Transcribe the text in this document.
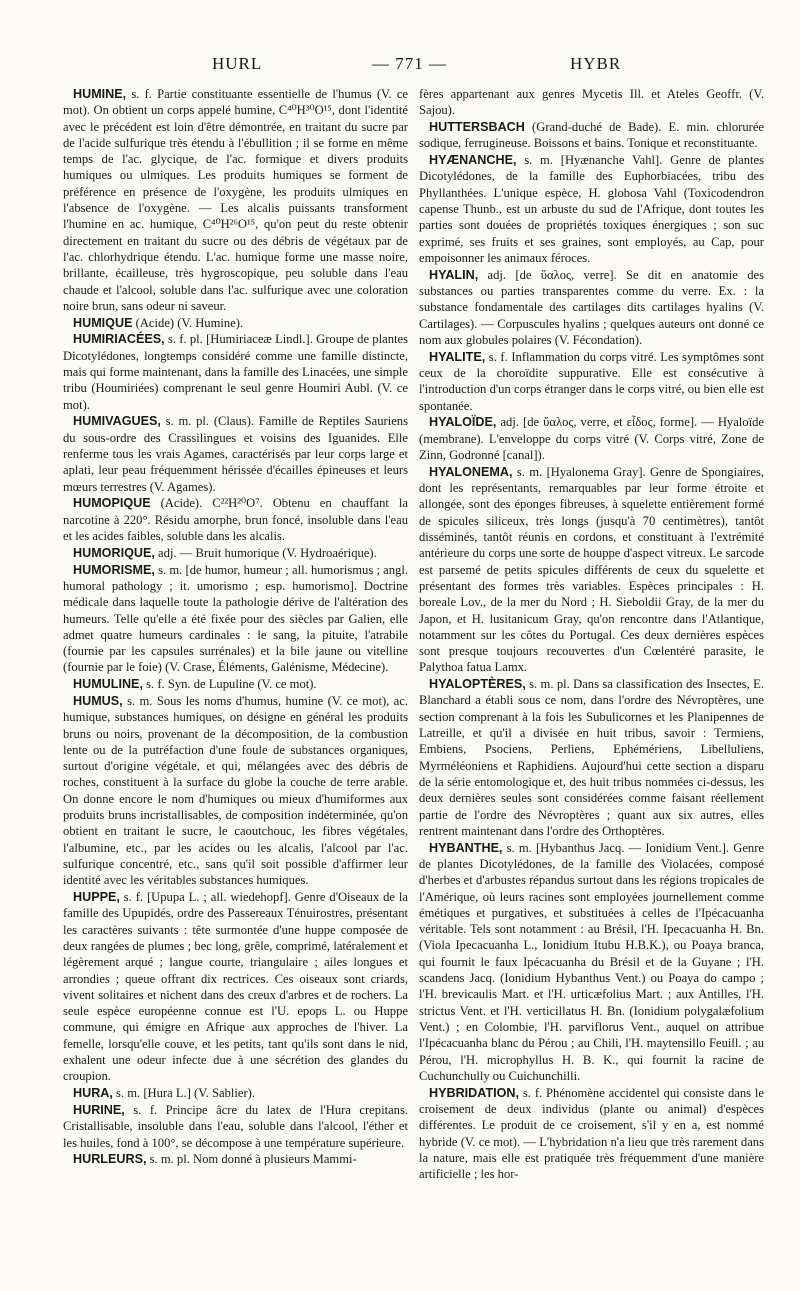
HURL	— 771 —	HYBR

HUMINE, s. f. Partie constituante essentielle de l'humus (V. ce mot). On obtient un corps appelé humine, C⁴⁰H³⁰O¹⁵, dont l'identité avec le précédent est loin d'être démontrée, en traitant du sucre par de l'acide sulfurique très étendu à l'ébullition ; il se forme en même temps de l'ac. glycique, de l'ac. formique et divers produits humiques ou ulmiques. Les produits humiques se forment de préférence en présence de l'oxygène, les produits ulmiques en l'absence de l'oxygène. — Les alcalis puissants transforment l'humine en ac. humique, C⁴⁰H²⁶O¹⁵, qu'on peut du reste obtenir directement en traitant du sucre ou des débris de végétaux par de l'ac. chlorhydrique étendu. L'ac. humique forme une masse noire, brillante, écailleuse, très hygroscopique, peu soluble dans l'eau chaude et l'alcool, soluble dans l'ac. sulfurique avec une coloration noire brun, sans odeur ni saveur.

HUMIQUE (Acide) (V. Humine).

HUMIRIACÉES, s. f. pl. [Humiriaceæ Lindl.]. Groupe de plantes Dicotylédones, longtemps considéré comme une famille distincte, mais qui forme maintenant, dans la famille des Linacées, une simple tribu (Houmiriées) comprenant le seul genre Houmiri Aubl. (V. ce mot).

HUMIVAGUES, s. m. pl. (Claus). Famille de Reptiles Sauriens du sous-ordre des Crassilingues et voisins des Iguanides. Elle renferme tous les vrais Agames, caractérisés par leur corps large et aplati, leur peau fréquemment hérissée d'écailles épineuses et leurs mœurs terrestres (V. Agames).

HUMOPIQUE (Acide). C²²H²⁰O⁷. Obtenu en chauffant la narcotine à 220°. Résidu amorphe, brun foncé, insoluble dans l'eau et les acides faibles, soluble dans les alcalis.

HUMORIQUE, adj. — Bruit humorique (V. Hydroaérique).

HUMORISME, s. m. [de humor, humeur ; all. humorismus ; angl. humoral pathology ; it. umorismo ; esp. humorismo]. Doctrine médicale dans laquelle toute la pathologie dérive de l'altération des humeurs. Telle qu'elle a été fixée pour des siècles par Galien, elle admet quatre humeurs cardinales : le sang, la pituite, l'atrabile (fournie par les capsules surrénales) et la bile jaune ou vitelline (fournie par le foie) (V. Crase, Éléments, Galénisme, Médecine).

HUMULINE, s. f. Syn. de Lupuline (V. ce mot).

HUMUS, s. m. Sous les noms d'humus, humine (V. ce mot), ac. humique, substances humiques, on désigne en général les produits bruns ou noirs, provenant de la décomposition, de la combustion lente ou de la putréfaction d'une foule de substances organiques, surtout d'origine végétale, et qui, mélangées avec des débris de roches, constituent à la surface du globe la couche de terre arable. On donne encore le nom d'humiques ou mieux d'humiformes aux produits bruns incristallisables, de composition indéterminée, qu'on obtient en traitant le sucre, le caoutchouc, les fibres végétales, l'albumine, etc., par les acides ou les alcalis, l'alcool par l'ac. sulfurique concentré, etc., sans qu'il soit possible d'affirmer leur identité avec les véritables substances humiques.

HUPPE, s. f. [Upupa L. ; all. wiedehopf]. Genre d'Oiseaux de la famille des Upupidés, ordre des Passereaux Ténuirostres, présentant les caractères suivants : tête surmontée d'une huppe composée de deux rangées de plumes ; bec long, grêle, comprimé, latéralement et légèrement arqué ; langue courte, triangulaire ; ailes longues et arrondies ; queue offrant dix rectrices. Ces oiseaux sont criards, vivent solitaires et nichent dans des creux d'arbres et de rochers. La seule espèce européenne connue est l'U. epops L. ou Huppe commune, qui émigre en Afrique aux approches de l'hiver. La femelle, lorsqu'elle couve, et les petits, tant qu'ils sont dans le nid, exhalent une odeur infecte due à une sécrétion des glandes du croupion.

HURA, s. m. [Hura L.] (V. Sablier).

HURINE, s. f. Principe âcre du latex de l'Hura crepitans. Cristallisable, insoluble dans l'eau, soluble dans l'alcool, l'éther et les huiles, fond à 100°, se décompose à une température supérieure.

HURLEURS, s. m. pl. Nom donné à plusieurs Mammi-

fères appartenant aux genres Mycetis Ill. et Ateles Geoffr. (V. Sajou).

HUTTERSBACH (Grand-duché de Bade). E. min. chlorurée sodique, ferrugineuse. Boissons et bains. Tonique et reconstituante.

HYÆNANCHE, s. m. [Hyænanche Vahl]. Genre de plantes Dicotylédones, de la famille des Euphorbiacées, tribu des Phyllanthées. L'unique espèce, H. globosa Vahl (Toxicodendron capense Thunb., est un arbuste du sud de l'Afrique, dont toutes les parties sont douées de propriétés toxiques énergiques ; son suc exprimé, ses fruits et ses graines, sont employés, au Cap, pour empoisonner les animaux féroces.

HYALIN, adj. [de ὕαλος, verre]. Se dit en anatomie des substances ou parties transparentes comme du verre. Ex. : la substance fondamentale des cartilages dits cartilages hyalins (V. Cartilages). — Corpuscules hyalins ; quelques auteurs ont donné ce nom aux globules polaires (V. Fécondation).

HYALITE, s. f. Inflammation du corps vitré. Les symptômes sont ceux de la choroïdite suppurative. Elle est consécutive à l'introduction d'un corps étranger dans le corps vitré, ou bien elle est spontanée.

HYALOÏDE, adj. [de ὕαλος, verre, et εἶδος, forme]. — Hyaloïde (membrane). L'enveloppe du corps vitré (V. Corps vitré, Zone de Zinn, Godronné [canal]).

HYALONEMA, s. m. [Hyalonema Gray]. Genre de Spongiaires, dont les représentants, remarquables par leur forme étroite et allongée, sont des éponges fibreuses, à squelette entièrement formé de spicules siliceux, très longs (jusqu'à 70 centimètres), tantôt disséminés, tantôt réunis en cordons, et constituant à l'extrémité antérieure du corps une sorte de houppe d'aspect vitreux. Le sarcode est parsemé de petits spicules différents de ceux du squelette et présentant des formes très variables. Espèces principales : H. boreale Lov., de la mer du Nord ; H. Sieboldii Gray, de la mer du Japon, et H. lusitanicum Gray, qu'on rencontre dans l'Atlantique, notamment sur les côtes du Portugal. Ces deux dernières espèces sont presque toujours recouvertes d'un Cœlentéré parasite, le Palythoa fatua Lamx.

HYALOPTÈRES, s. m. pl. Dans sa classification des Insectes, E. Blanchard a établi sous ce nom, dans l'ordre des Névroptères, une section comprenant à la fois les Subulicornes et les Planipennes de Latreille, et qu'il a divisée en huit tribus, savoir : Termiens, Embiens, Psociens, Perliens, Ephémériens, Libelluliens, Myrméléoniens et Raphidiens. Aujourd'hui cette section a disparu de la série entomologique et, des huit tribus nommées ci-dessus, les deux dernières seules sont considérées comme faisant réellement partie de l'ordre des Névroptères ; quant aux six autres, elles rentrent maintenant dans l'ordre des Orthoptères.

HYBANTHE, s. m. [Hybanthus Jacq. — Ionidium Vent.]. Genre de plantes Dicotylédones, de la famille des Violacées, composé d'herbes et d'arbustes répandus surtout dans les régions tropicales de l'Amérique, où leurs racines sont employées journellement comme émétiques et purgatives, et substituées à celles de l'Ipécacuanha véritable. Tels sont notamment : au Brésil, l'H. Ipecacuanha H. Bn. (Viola Ipecacuanha L., Ionidium Itubu H.B.K.), ou Poaya branca, qui fournit le faux Ipécacuanha du Brésil et de la Guyane ; l'H. scandens Jacq. (Ionidium Hybanthus Vent.) ou Poaya do campo ; l'H. brevicaulis Mart. et l'H. urticæfolius Mart. ; aux Antilles, l'H. strictus Vent. et l'H. verticillatus H. Bn. (Ionidium polygalæfolium Vent.) ; en Colombie, l'H. parviflorus Vent., auquel on attribue l'Ipécacuanha blanc du Pérou ; au Chili, l'H. maytensillo Feuill. ; au Pérou, l'H. microphyllus H. B. K., qui fournit la racine de Cuchunchully ou Cuichunchilli.

HYBRIDATION, s. f. Phénomène accidentel qui consiste dans le croisement de deux individus (plante ou animal) d'espèces différentes. Le produit de ce croisement, s'il y en a, est nommé hybride (V. ce mot). — L'hybridation n'a lieu que très rarement dans la nature, mais elle est pratiquée très fréquemment d'une manière artificielle ; les hor-
